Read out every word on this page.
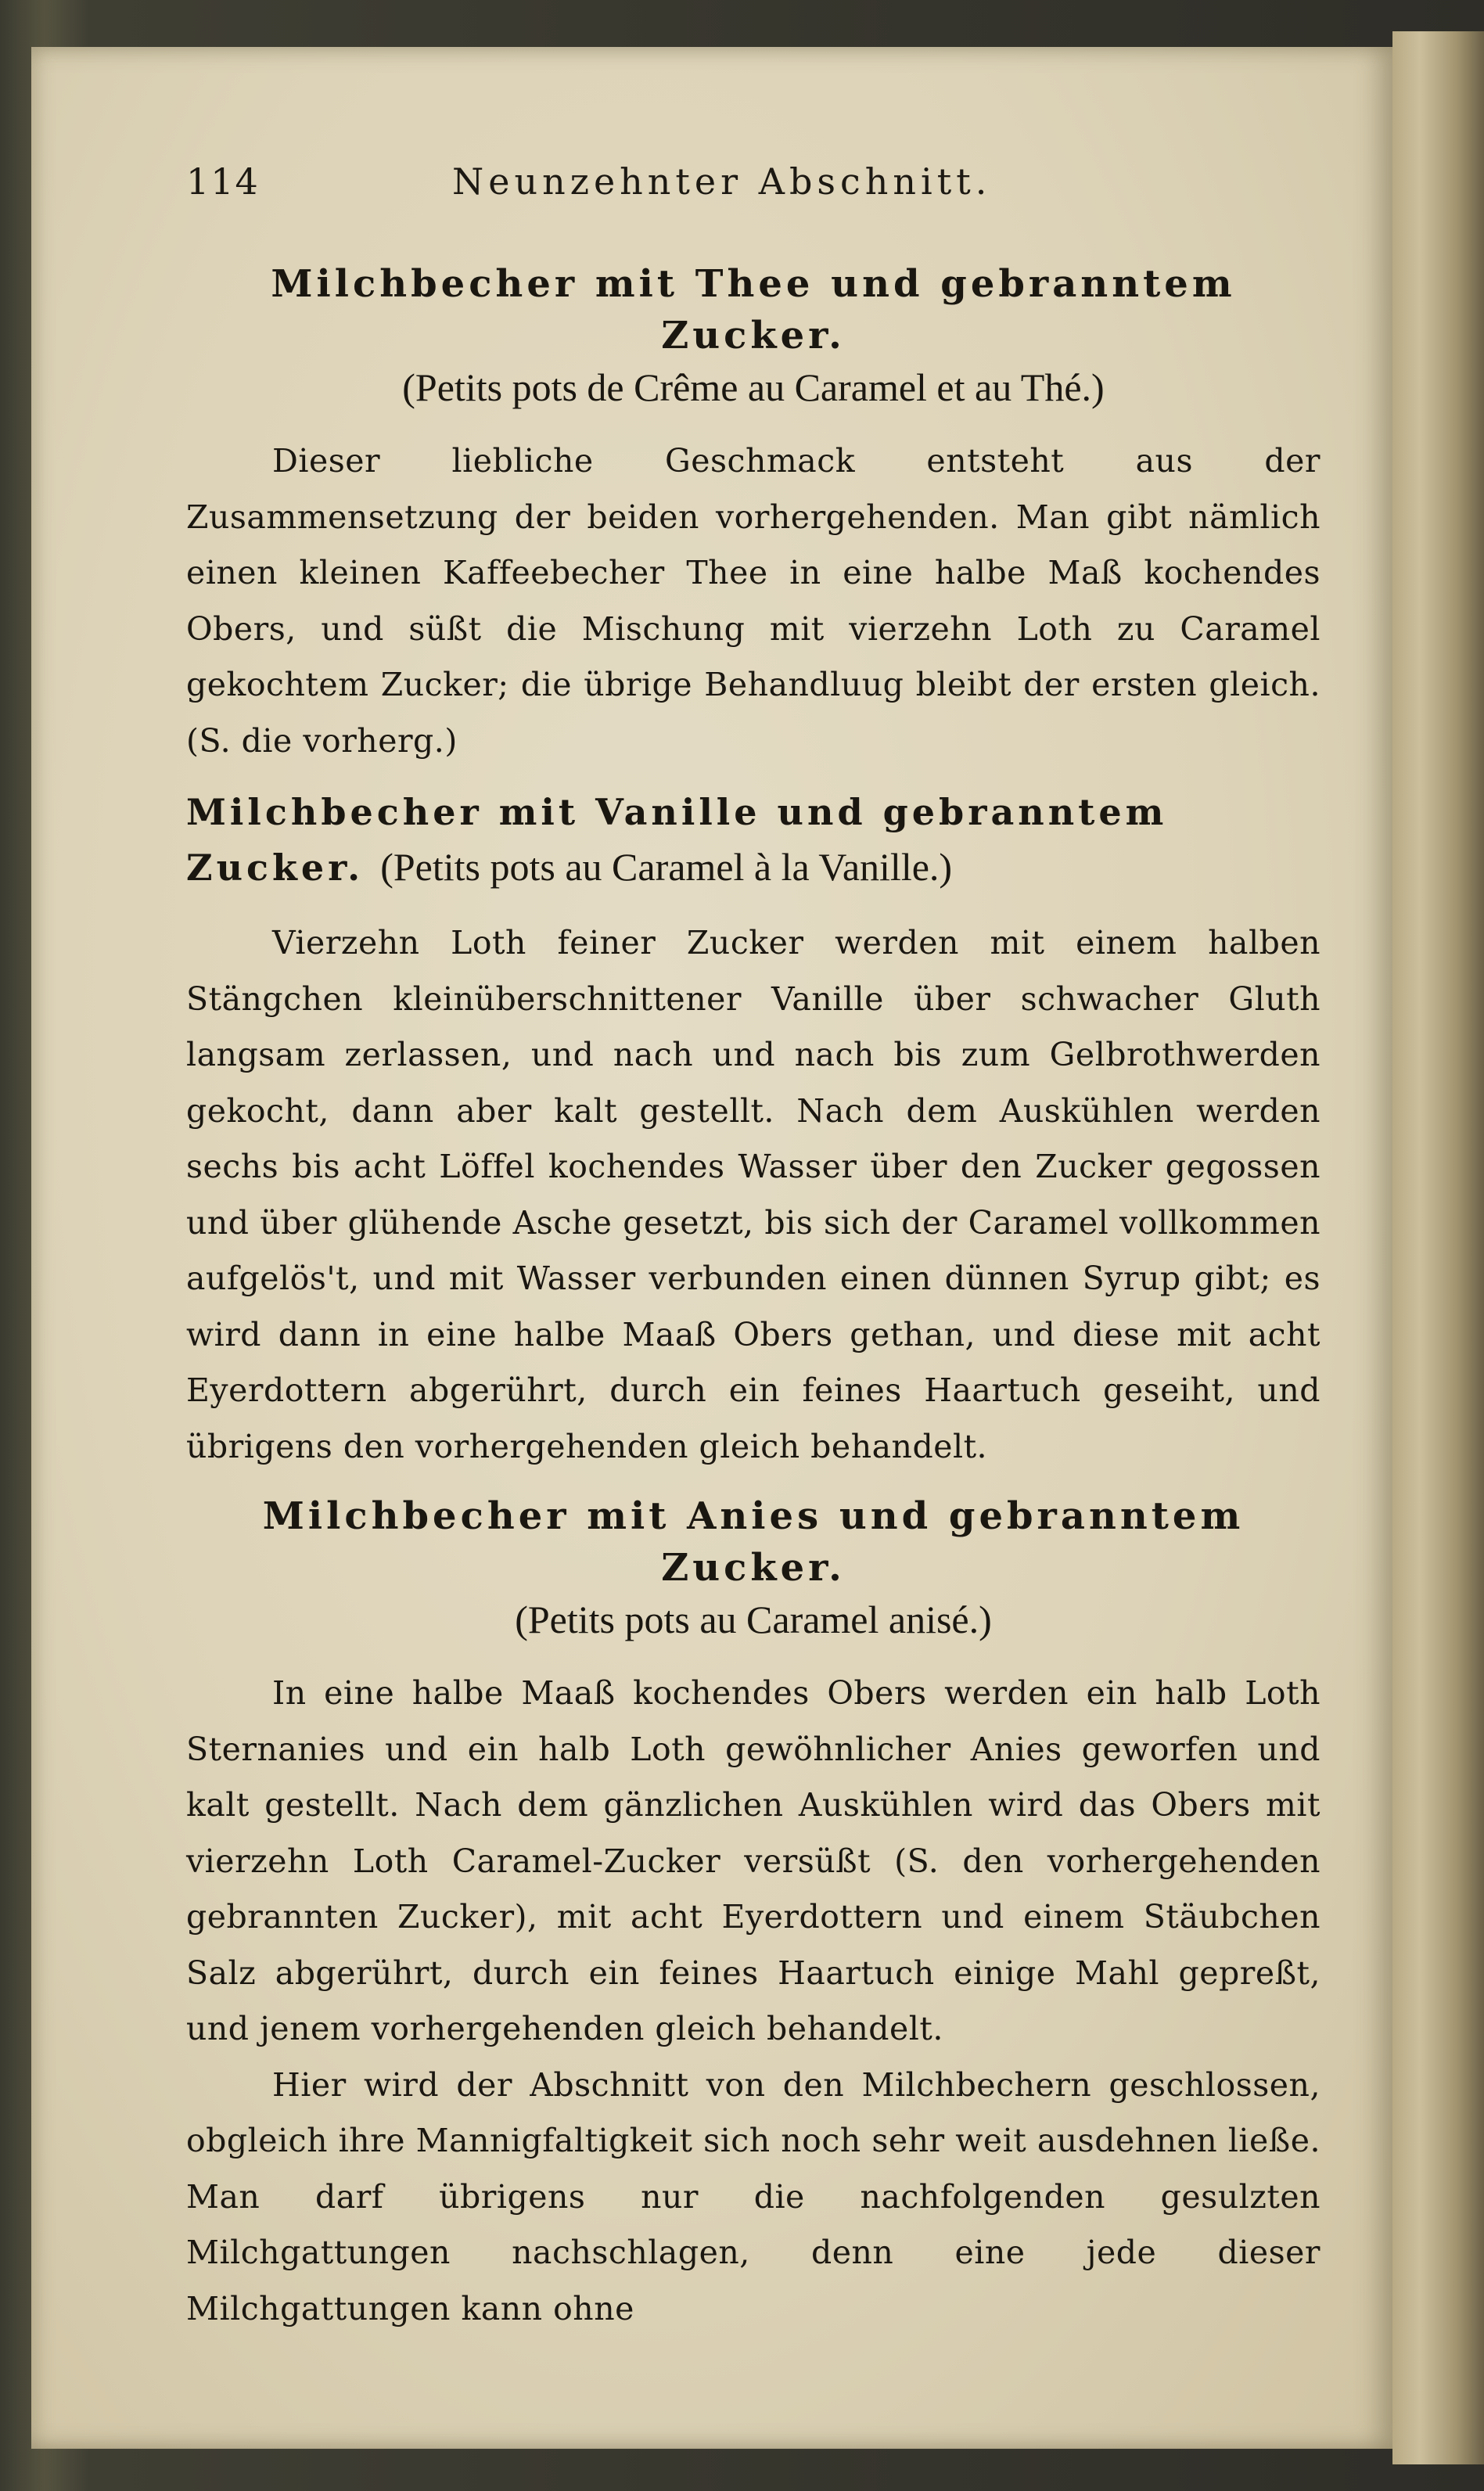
114	Neunzehnter Abschnitt.

Milchbecher mit Thee und gebranntem Zucker.

(Petits pots de Crême au Caramel et au Thé.)

Dieser liebliche Geschmack entsteht aus der Zusammensetzung der beiden vorhergehenden. Man gibt nämlich einen kleinen Kaffeebecher Thee in eine halbe Maß kochendes Obers, und süßt die Mischung mit vierzehn Loth zu Caramel gekochtem Zucker; die übrige Behandluug bleibt der ersten gleich. (S. die vorherg.)

Milchbecher mit Vanille und gebranntem Zucker. (Petits pots au Caramel à la Vanille.)

Vierzehn Loth feiner Zucker werden mit einem halben Stängchen kleinüberschnittener Vanille über schwacher Gluth langsam zerlassen, und nach und nach bis zum Gelbrothwerden gekocht, dann aber kalt gestellt. Nach dem Auskühlen werden sechs bis acht Löffel kochendes Wasser über den Zucker gegossen und über glühende Asche gesetzt, bis sich der Caramel vollkommen aufgelös't, und mit Wasser verbunden einen dünnen Syrup gibt; es wird dann in eine halbe Maaß Obers gethan, und diese mit acht Eyerdottern abgerührt, durch ein feines Haartuch geseiht, und übrigens den vorhergehenden gleich behandelt.

Milchbecher mit Anies und gebranntem Zucker.

(Petits pots au Caramel anisé.)

In eine halbe Maaß kochendes Obers werden ein halb Loth Sternanies und ein halb Loth gewöhnlicher Anies geworfen und kalt gestellt. Nach dem gänzlichen Auskühlen wird das Obers mit vierzehn Loth Caramel-Zucker versüßt (S. den vorhergehenden gebrannten Zucker), mit acht Eyerdottern und einem Stäubchen Salz abgerührt, durch ein feines Haartuch einige Mahl gepreßt, und jenem vorhergehenden gleich behandelt.

Hier wird der Abschnitt von den Milchbechern geschlossen, obgleich ihre Mannigfaltigkeit sich noch sehr weit ausdehnen ließe. Man darf übrigens nur die nachfolgenden gesulzten Milchgattungen nachschlagen, denn eine jede dieser Milchgattungen kann ohne
